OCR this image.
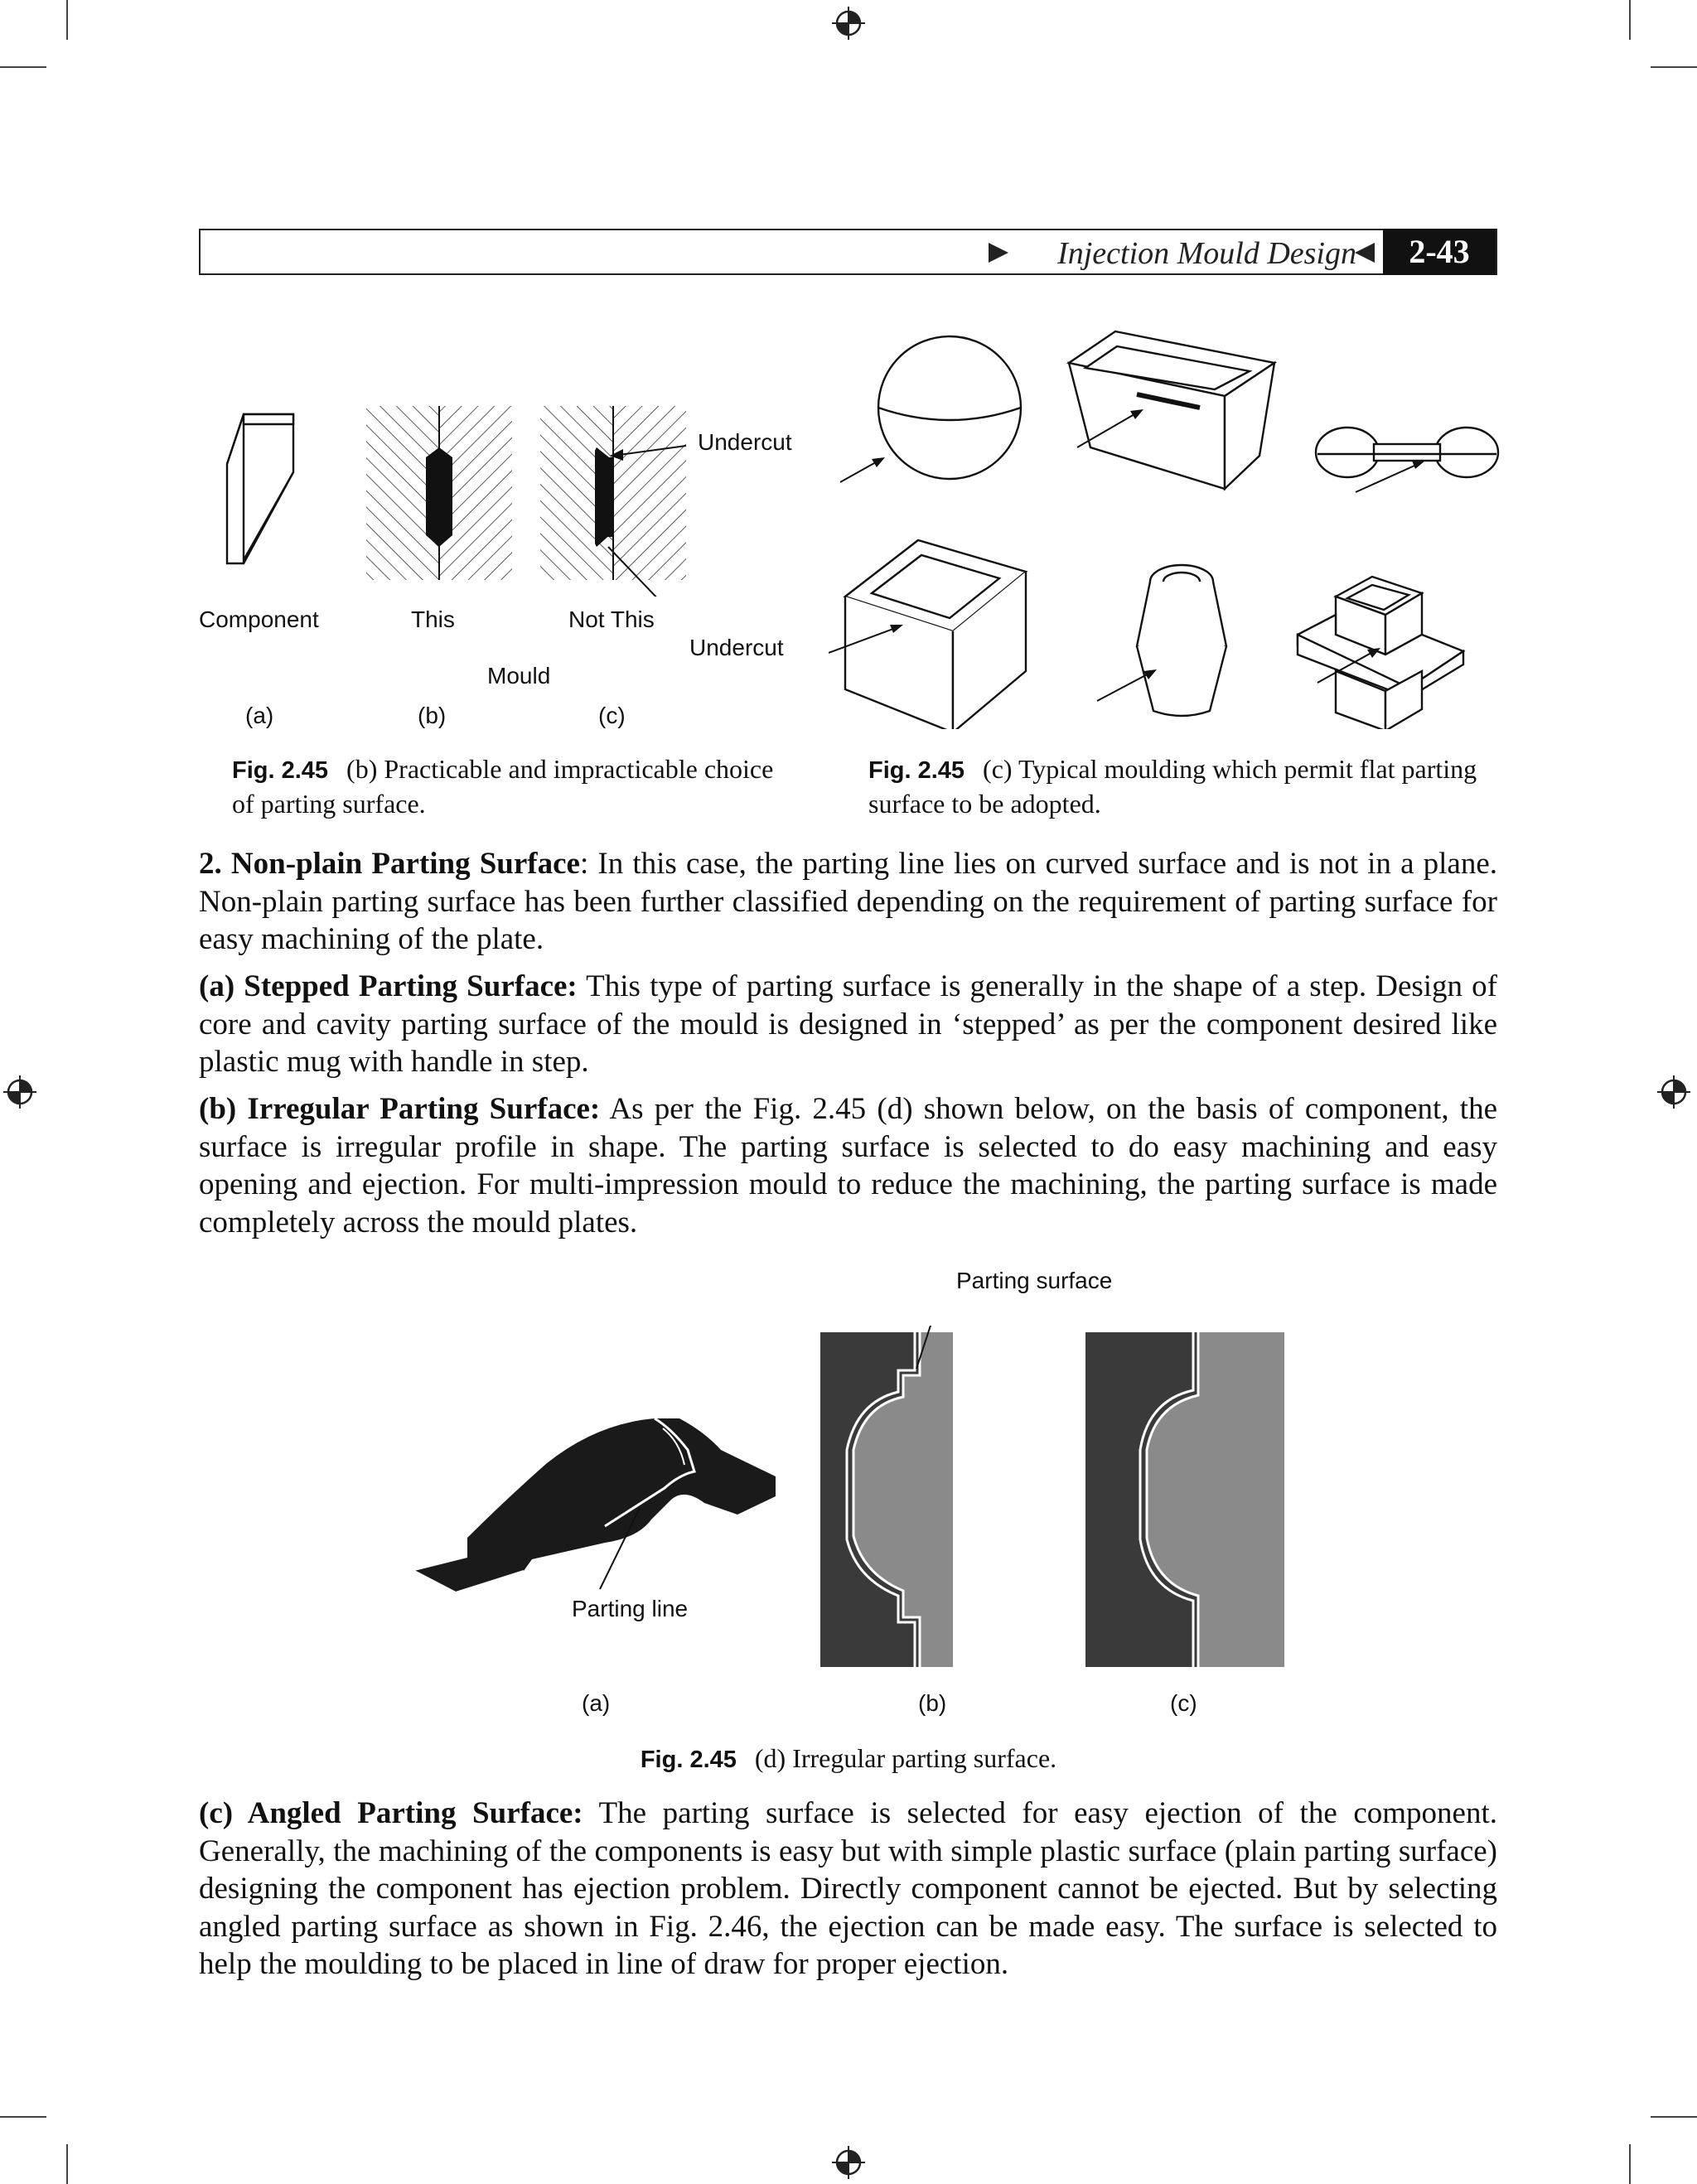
Injection Mould Design	2-43
Undercut
Component	This	Not This
Undercut
Mould
(a)	(b)	(c)
Fig. 2.45 (b) Practicable and impracticable choice of parting surface.
Fig. 2.45 (c) Typical moulding which permit flat parting surface to be adopted.

2. Non-plain Parting Surface: In this case, the parting line lies on curved surface and is not in a plane. Non-plain parting surface has been further classified depending on the requirement of parting surface for easy machining of the plate.

(a) Stepped Parting Surface: This type of parting surface is generally in the shape of a step. Design of core and cavity parting surface of the mould is designed in ‘stepped’ as per the component desired like plastic mug with handle in step.

(b) Irregular Parting Surface: As per the Fig. 2.45 (d) shown below, on the basis of component, the surface is irregular profile in shape. The parting surface is selected to do easy machining and easy opening and ejection. For multi-impression mould to reduce the machining, the parting surface is made completely across the mould plates.

Parting surface
Parting line
(a)	(b)	(c)
Fig. 2.45 (d) Irregular parting surface.

(c) Angled Parting Surface: The parting surface is selected for easy ejection of the component. Generally, the machining of the components is easy but with simple plastic surface (plain parting surface) designing the component has ejection problem. Directly component cannot be ejected. But by selecting angled parting surface as shown in Fig. 2.46, the ejection can be made easy. The surface is selected to help the moulding to be placed in line of draw for proper ejection.
